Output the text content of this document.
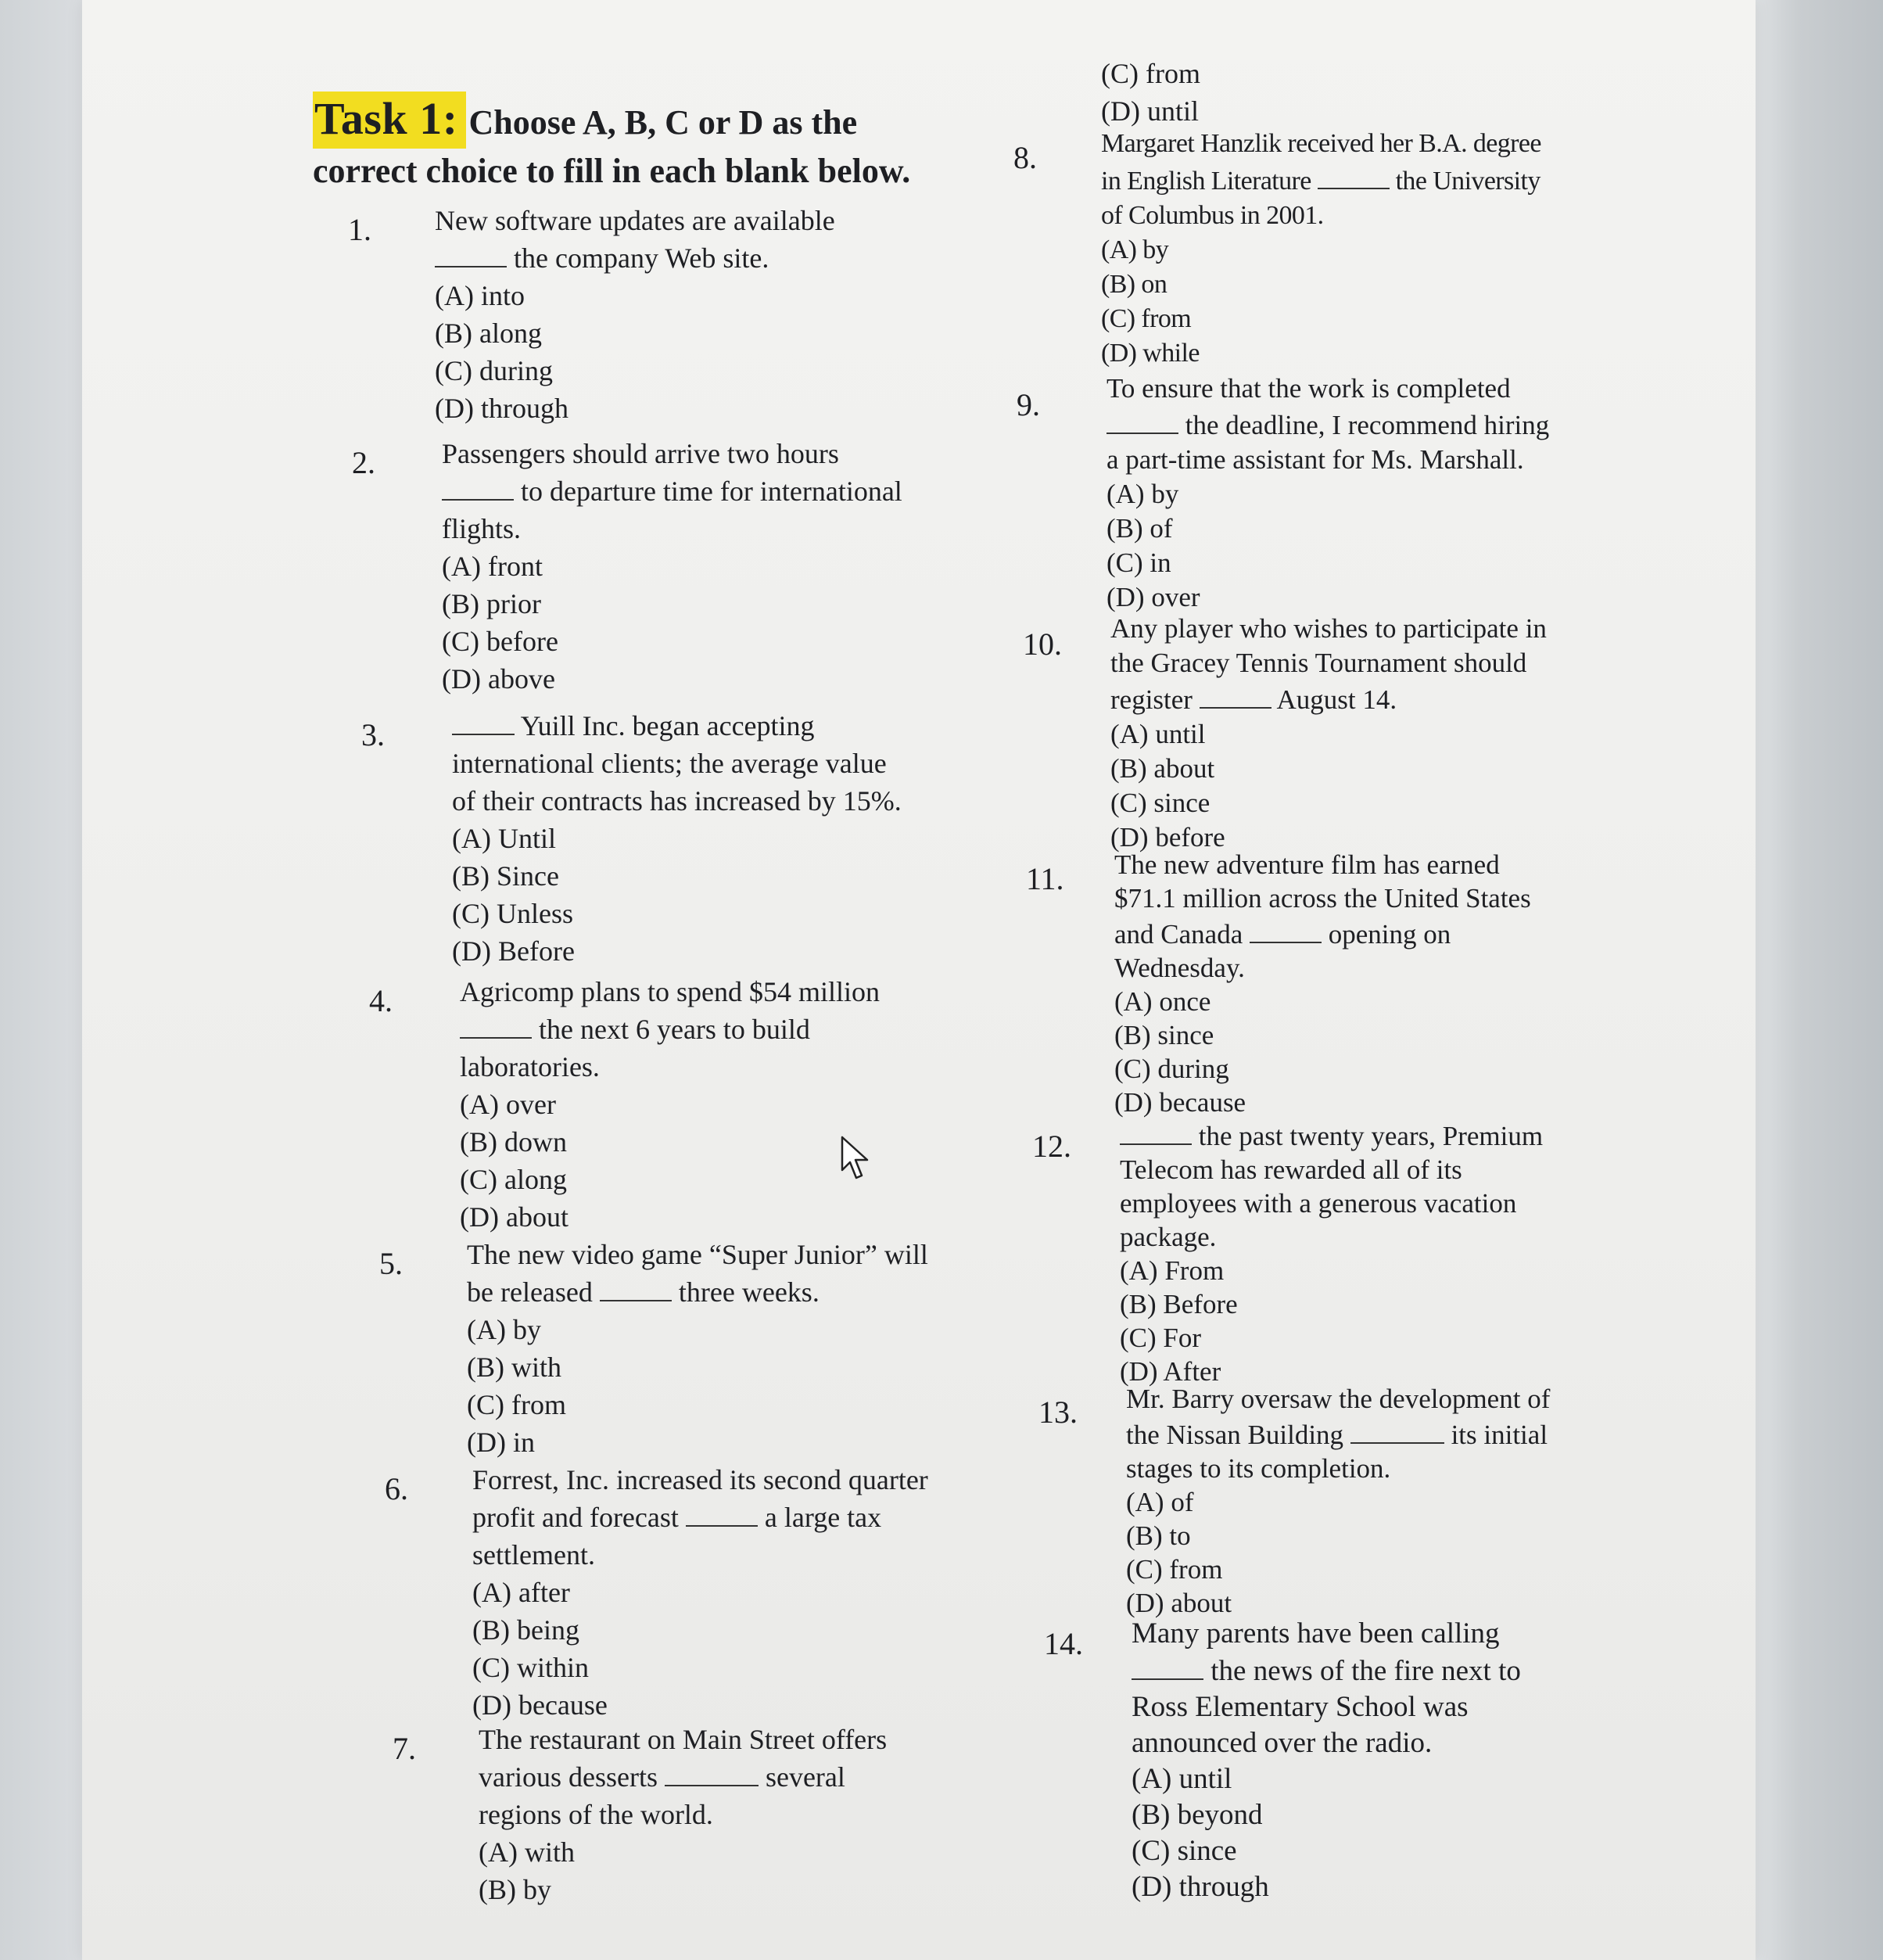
Task 1: Choose A, B, C or D as the
correct choice to fill in each blank below.
1. New software updates are available
the company Web site.
(A) into
(B) along
(C) during
(D) through
2. Passengers should arrive two hours
to departure time for international
flights.
(A) front
(B) prior
(C) before
(D) above
3.	Yuill Inc. began accepting
international clients; the average value
of their contracts has increased by 15%.
(A) Until
(B) Since
(C) Unless
(D) Before
4. Agricomp plans to spend $54 million
the next 6 years to build
laboratories.
(A) over
(B) down
(C) along
(D) about
5. The new video game “Super Junior” will
be released	three weeks.
(A) by
(B) with
(C) from
(D) in
6. Forrest, Inc. increased its second quarter
profit and forecast	a large tax
settlement.
(A) after
(B) being
(C) within
(D) because
7. The restaurant on Main Street offers
various desserts	several
regions of the world.
(A) with
(B) by
(C) from
(D) until
8. Margaret Hanzlik received her B.A. degree
in English Literature	the University
of Columbus in 2001.
(A) by
(B) on
(C) from
(D) while
9. To ensure that the work is completed
the deadline, I recommend hiring
a part-time assistant for Ms. Marshall.
(A) by
(B) of
(C) in
(D) over
10. Any player who wishes to participate in
the Gracey Tennis Tournament should
register	August 14.
(A) until
(B) about
(C) since
(D) before
11. The new adventure film has earned
$71.1 million across the United States
and Canada	opening on
Wednesday.
(A) once
(B) since
(C) during
(D) because
12.	the past twenty years, Premium
Telecom has rewarded all of its
employees with a generous vacation
package.
(A) From
(B) Before
(C) For
(D) After
13. Mr. Barry oversaw the development of
the Nissan Building	its initial
stages to its completion.
(A) of
(B) to
(C) from
(D) about
14. Many parents have been calling
the news of the fire next to
Ross Elementary School was
announced over the radio.
(A) until
(B) beyond
(C) since
(D) through
